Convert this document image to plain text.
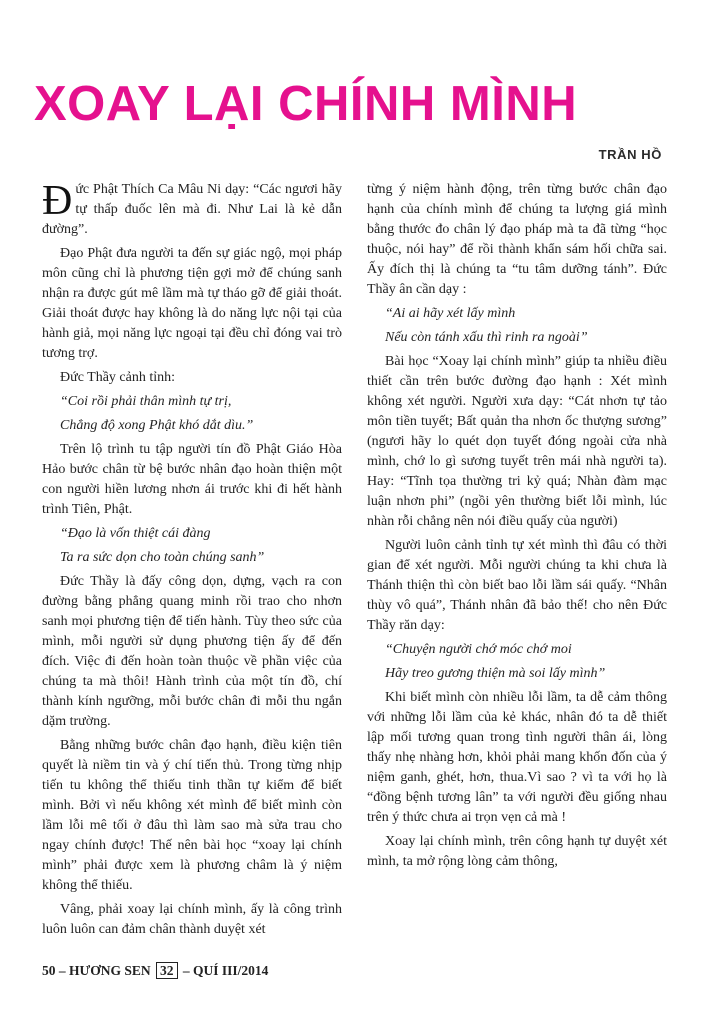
XOAY LẠI CHÍNH MÌNH
TRẦN HỒ

Đức Phật Thích Ca Mâu Ni dạy: “Các ngươi hãy tự thấp đuốc lên mà đi. Như Lai là kẻ dẫn đường”.

Đạo Phật đưa người ta đến sự giác ngộ, mọi pháp môn cũng chỉ là phương tiện gợi mở để chúng sanh nhận ra được gút mê lầm mà tự tháo gỡ để giải thoát. Giải thoát được hay không là do năng lực nội tại của hành giả, mọi năng lực ngoại tại đều chỉ đóng vai trò tương trợ.

Đức Thầy cảnh tỉnh:

“Coi rồi phải thân mình tự trị,

Chẳng độ xong Phật khó dắt dìu.”

Trên lộ trình tu tập người tín đồ Phật Giáo Hòa Hảo bước chân từ bệ bước nhân đạo hoàn thiện một con người hiền lương nhơn ái trước khi đi hết hành trình Tiên, Phật.

“Đạo là vốn thiệt cái đàng

Ta ra sức dọn cho toàn chúng sanh”

Đức Thầy là đấy công dọn, dựng, vạch ra con đường bằng phẳng quang minh rồi trao cho nhơn sanh mọi phương tiện để tiến hành. Tùy theo sức của mình, mỗi người sử dụng phương tiện ấy để đến đích. Việc đi đến hoàn toàn thuộc về phần việc của chúng ta mà thôi! Hành trình của một tín đồ, chí thành kính ngưỡng, mỗi bước chân đi mỗi thu ngắn dặm trường.

Bằng những bước chân đạo hạnh, điều kiện tiên quyết là niềm tin và ý chí tiến thủ. Trong từng nhịp tiến tu không thể thiếu tinh thần tự kiểm để biết mình. Bởi vì nếu không xét mình để biết mình còn lầm lỗi mê tối ở đâu thì làm sao mà sửa trau cho ngay chính được! Thế nên bài học “xoay lại chính mình” phải được xem là phương châm là ý niệm không thể thiếu.

Vâng, phải xoay lại chính mình, ấy là công trình luôn luôn can đảm chân thành duyệt xét

từng ý niệm hành động, trên từng bước chân đạo hạnh của chính mình để chúng ta lượng giá mình bằng thước đo chân lý đạo pháp mà ta đã từng “học thuộc, nói hay” để rồi thành khẩn sám hối chữa sai. Ấy đích thị là chúng ta “tu tâm dưỡng tánh”. Đức Thầy ân cần dạy :

“Ai ai hãy xét lấy mình

Nếu còn tánh xấu thì rinh ra ngoài”

Bài học “Xoay lại chính mình” giúp ta nhiều điều thiết cần trên bước đường đạo hạnh : Xét mình không xét người. Người xưa dạy: “Cát nhơn tự tảo môn tiền tuyết; Bất quản tha nhơn ốc thượng sương” (ngươi hãy lo quét dọn tuyết đóng ngoài cửa nhà mình, chớ lo gì sương tuyết trên mái nhà người ta). Hay: “Tĩnh tọa thường tri kỷ quá; Nhàn đàm mạc luận nhơn phi” (ngồi yên thường biết lỗi mình, lúc nhàn rỗi chẳng nên nói điều quấy của người)

Người luôn cảnh tỉnh tự xét mình thì đâu có thời gian để xét người. Mỗi người chúng ta khi chưa là Thánh thiện thì còn biết bao lỗi lầm sái quấy. “Nhân thùy vô quá”, Thánh nhân đã bảo thế! cho nên Đức Thầy răn dạy:

“Chuyện người chớ móc chớ moi

Hãy treo gương thiện mà soi lấy mình”

Khi biết mình còn nhiều lỗi lầm, ta dễ cảm thông với những lỗi lầm của kẻ khác, nhân đó ta dễ thiết lập mối tương quan trong tình người thân ái, lòng thấy nhẹ nhàng hơn, khỏi phải mang khốn đốn của ý niệm ganh, ghét, hơn, thua.Vì sao ? vì ta với họ là “đồng bệnh tương lân” ta với người đều giống nhau trên ý thức chưa ai trọn vẹn cả mà !

Xoay lại chính mình, trên công hạnh tự duyệt xét mình, ta mở rộng lòng cảm thông,

50 – HƯƠNG SEN 32 – QUÍ III/2014
